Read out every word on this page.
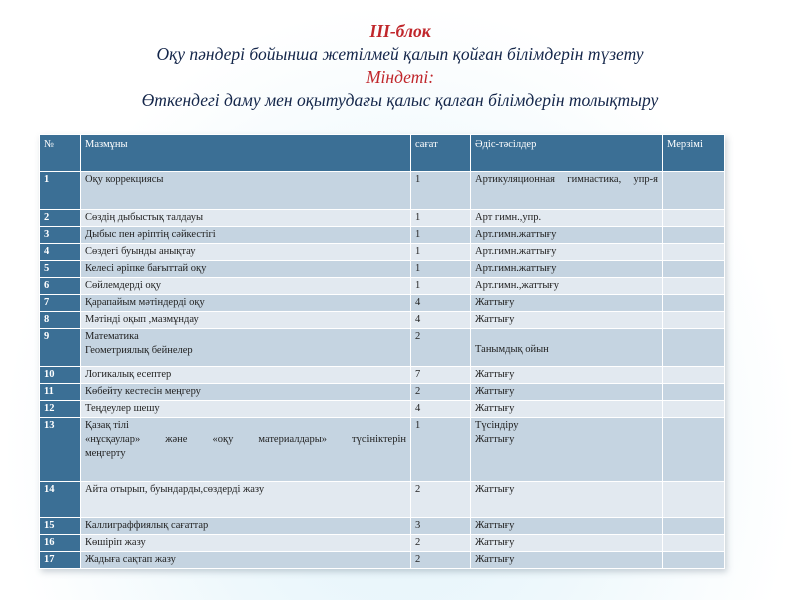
III-блок
Оқу пәндері бойынша жетілмей қалып қойған білімдерін түзету
Міндеті:
Өткендегі даму мен оқытудағы қалыс қалған білімдерін толықтыру
№	Мазмұны	сағат	Әдіс-тәсілдер	Мерзімі
1	Оқу коррекциясы	1	Артикуляционная гимнастика, упр-я	

2	Сөздің дыбыстық талдауы	1	Арт гимн.,упр.	
3	Дыбыс пен әріптің сәйкестігі	1	Арт.гимн.жаттығу	
4	Сөздегі буынды анықтау	1	Арт.гимн.жаттығу	
5	Келесі әріпке бағыттай оқу	1	Арт.гимн.жаттығу	
6	Сөйлемдерді оқу	1	Арт.гимн.,жаттығу	
7	Қарапайым мәтіндерді оқу	4	Жаттығу	
8	Мәтінді оқып ,мазмұндау	4	Жаттығу	
9	Математика
Геометриялық бейнелер	2	Танымдық ойын	

10	Логикалық есептер	7	Жаттығу	
11	Көбейту кестесін меңгеру	2	Жаттығу	
12	Теңдеулер шешу	4	Жаттығу	
13	Қазақ тілі
«нұсқаулар» және «оқу материалдары» түсініктерін
меңгерту	1	Түсіндіру
Жаттығу	

14	Айта отырып, буындарды,сөздерді жазу	2	Жаттығу	
15	Каллиграффиялық сағаттар	3	Жаттығу	
16	Көшіріп жазу	2	Жаттығу	
17	Жадыға сақтап жазу	2	Жаттығу	
